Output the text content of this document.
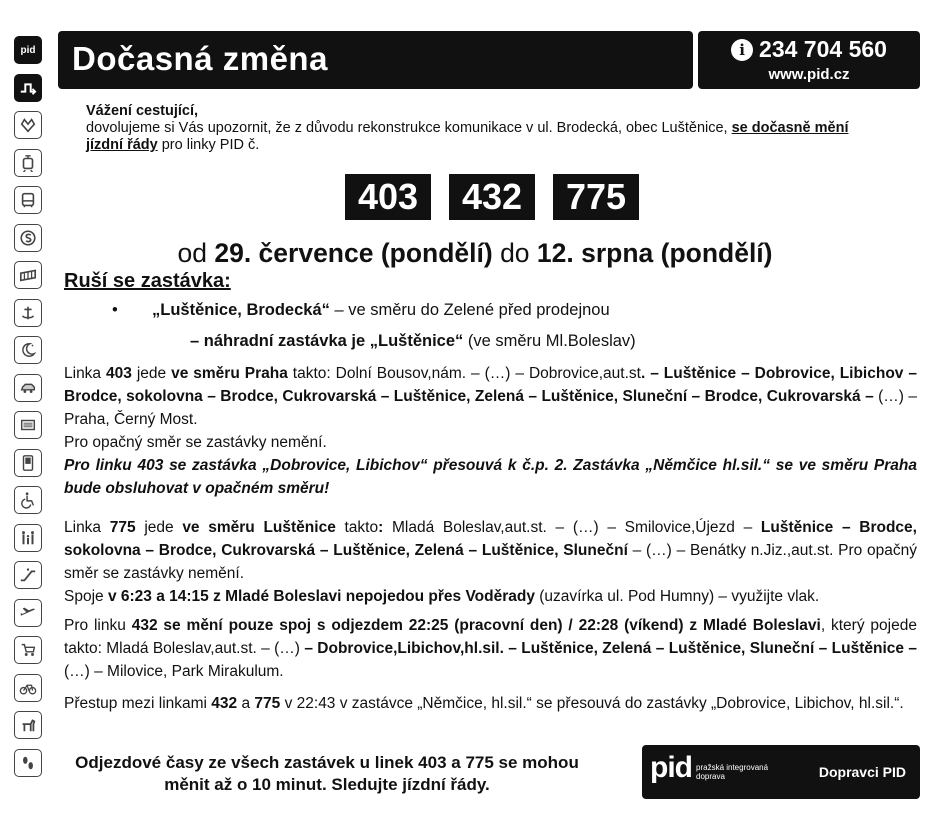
pid Dočasná změna	i 234 704 560
www.pid.cz
Vážení cestující,
dovolujeme si Vás upozornit, že z důvodu rekonstrukce komunikace v ul. Brodecká, obec Luštěnice, se dočasně mění jízdní řády pro linky PID č.
403	432	775
od 29. července (pondělí) do 12. srpna (pondělí)
Ruší se zastávka:
• „Luštěnice, Brodecká“ – ve směru do Zelené před prodejnou
– náhradní zastávka je „Luštěnice“ (ve směru Ml.Boleslav)
Linka 403 jede ve směru Praha takto: Dolní Bousov,nám. – (…) – Dobrovice,aut.st. – Luštěnice – Dobrovice, Libichov – Brodce, sokolovna – Brodce, Cukrovarská – Luštěnice, Zelená – Luštěnice, Sluneční – Brodce, Cukrovarská – (…) – Praha, Černý Most.
Pro opačný směr se zastávky nemění.
Pro linku 403 se zastávka „Dobrovice, Libichov“ přesouvá k č.p. 2. Zastávka „Němčice hl.sil.“ se ve směru Praha bude obsluhovat v opačném směru!
Linka 775 jede ve směru Luštěnice takto: Mladá Boleslav,aut.st. – (…) – Smilovice,Újezd – Luštěnice – Brodce, sokolovna – Brodce, Cukrovarská – Luštěnice, Zelená – Luštěnice, Sluneční – (…) – Benátky n.Jiz.,aut.st. Pro opačný směr se zastávky nemění.
Spoje v 6:23 a 14:15 z Mladé Boleslavi nepojedou přes Voděrady (uzavírka ul. Pod Humny) – využijte vlak.
Pro linku 432 se mění pouze spoj s odjezdem 22:25 (pracovní den) / 22:28 (víkend) z Mladé Boleslavi, který pojede takto: Mladá Boleslav,aut.st. – (…) – Dobrovice,Libichov,hl.sil. – Luštěnice, Zelená – Luštěnice, Sluneční – Luštěnice – (…) – Milovice, Park Mirakulum.
Přestup mezi linkami 432 a 775 v 22:43 v zastávce „Němčice, hl.sil.“ se přesouvá do zastávky „Dobrovice, Libichov, hl.sil.“.
Odjezdové časy ze všech zastávek u linek 403 a 775 se mohou měnit až o 10 minut. Sledujte jízdní řády.
pid pražská integrovaná
doprava	Dopravci PID
